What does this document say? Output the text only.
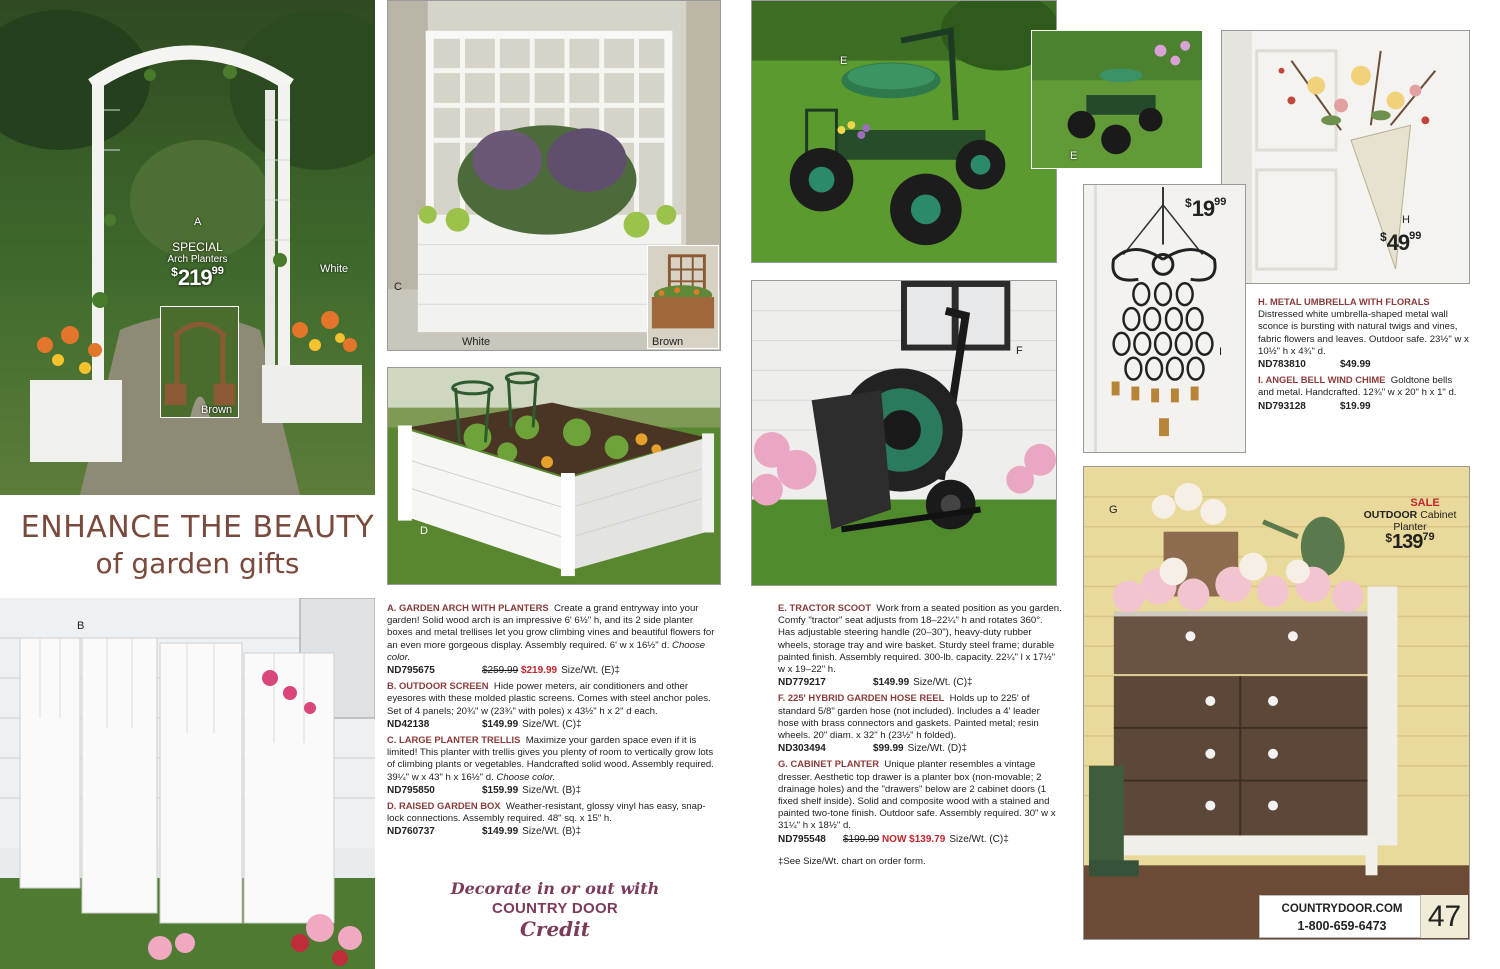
A
SPECIAL
Arch Planters
$^{\$}219^{99}$	White
Brown
ENHANCE THE BEAUTY
of garden gifts
B
C
White	Brown
D
E
E
F
H
$^{\$}49^{99}$
I
$^{\$}19^{99}$
G
SALE
OUTDOOR Cabinet
Planter
$^{\$}139^{79}$
COUNTRYDOOR.COM
1-800-659-6473	47

A. GARDEN ARCH WITH PLANTERS Create a grand entryway into your garden! Solid wood arch is an impressive 6' 6½" h, and its 2 side planter boxes and metal trellises let you grow climbing vines and beautiful flowers for an even more gorgeous display. Assembly required. 6' w x 16½" d. Choose color.
ND795675	$259.99 $219.99 Size/Wt. (E)‡

B. OUTDOOR SCREEN Hide power meters, air conditioners and other eyesores with these molded plastic screens. Comes with steel anchor poles. Set of 4 panels; 20¾" w (23¾" with poles) x 43½" h x 2" d each.
ND42138	$149.99 Size/Wt. (C)‡

C. LARGE PLANTER TRELLIS Maximize your garden space even if it is limited! This planter with trellis gives you plenty of room to vertically grow lots of climbing plants or vegetables. Handcrafted solid wood. Assembly required. 39¼" w x 43" h x 16½" d. Choose color.
ND795850	$159.99 Size/Wt. (B)‡

D. RAISED GARDEN BOX Weather-resistant, glossy vinyl has easy, snap-lock connections. Assembly required. 48" sq. x 15" h.
ND760737	$149.99 Size/Wt. (B)‡

Decorate in or out with
COUNTRY DOOR
Credit

E. TRACTOR SCOOT Work from a seated position as you garden. Comfy "tractor" seat adjusts from 18–22¼" h and rotates 360°. Has adjustable steering handle (20–30"), heavy-duty rubber wheels, storage tray and wire basket. Sturdy steel frame; durable painted finish. Assembly required. 300-lb. capacity. 22¼" l x 17½" w x 19–22" h.
ND779217	$149.99 Size/Wt. (C)‡

F. 225' HYBRID GARDEN HOSE REEL Holds up to 225' of standard 5/8" garden hose (not included). Includes a 4' leader hose with brass connectors and gaskets. Painted metal; resin wheels. 20" diam. x 32" h (23½" h folded).
ND303494	$99.99 Size/Wt. (D)‡

G. CABINET PLANTER Unique planter resembles a vintage dresser. Aesthetic top drawer is a planter box (non-movable; 2 drainage holes) and the "drawers" below are 2 cabinet doors (1 fixed shelf inside). Solid and composite wood with a stained and painted two-tone finish. Outdoor safe. Assembly required. 30" w x 31¼" h x 18½" d.
ND795548	$199.99 NOW $139.79 Size/Wt. (C)‡

‡See Size/Wt. chart on order form.

H. METAL UMBRELLA WITH FLORALS  Distressed white umbrella-shaped metal wall sconce is bursting with natural twigs and vines, fabric flowers and leaves. Outdoor safe. 23½" w x 10½" h x 4¾" d.
ND783810	$49.99

I. ANGEL BELL WIND CHIME Goldtone bells and metal. Handcrafted. 12¾" w x 20" h x 1" d.
ND793128	$19.99
